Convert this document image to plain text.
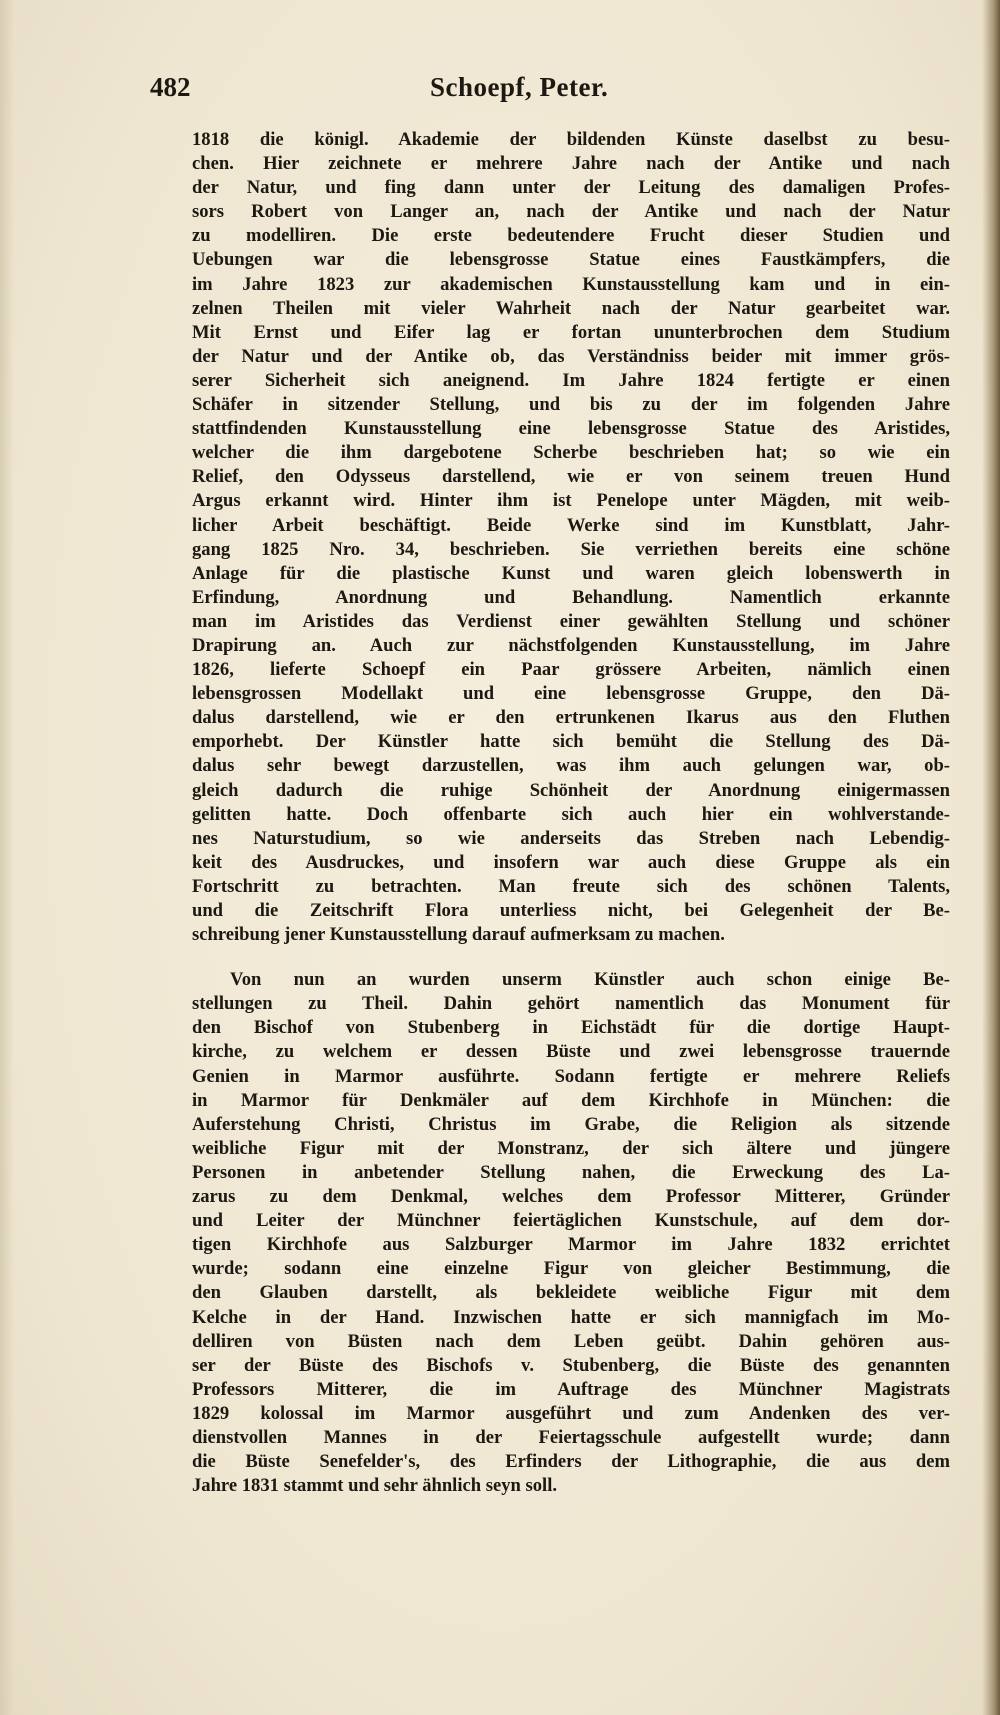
482	Schoepf, Peter.
1818 die königl. Akademie der bildenden Künste daselbst zu besu-
chen. Hier zeichnete er mehrere Jahre nach der Antike und nach
der Natur, und fing dann unter der Leitung des damaligen Profes-
sors Robert von Langer an, nach der Antike und nach der Natur
zu modelliren. Die erste bedeutendere Frucht dieser Studien und
Uebungen war die lebensgrosse Statue eines Faustkämpfers, die
im Jahre 1823 zur akademischen Kunstausstellung kam und in ein-
zelnen Theilen mit vieler Wahrheit nach der Natur gearbeitet war.
Mit Ernst und Eifer lag er fortan ununterbrochen dem Studium
der Natur und der Antike ob, das Verständniss beider mit immer grös-
serer Sicherheit sich aneignend. Im Jahre 1824 fertigte er einen
Schäfer in sitzender Stellung, und bis zu der im folgenden Jahre
stattfindenden Kunstausstellung eine lebensgrosse Statue des Aristides,
welcher die ihm dargebotene Scherbe beschrieben hat; so wie ein
Relief, den Odysseus darstellend, wie er von seinem treuen Hund
Argus erkannt wird. Hinter ihm ist Penelope unter Mägden, mit weib-
licher Arbeit beschäftigt. Beide Werke sind im Kunstblatt, Jahr-
gang 1825 Nro. 34, beschrieben. Sie verriethen bereits eine schöne
Anlage für die plastische Kunst und waren gleich lobenswerth in
Erfindung, Anordnung und Behandlung. Namentlich erkannte
man im Aristides das Verdienst einer gewählten Stellung und schöner
Drapirung an. Auch zur nächstfolgenden Kunstausstellung, im Jahre
1826, lieferte Schoepf ein Paar grössere Arbeiten, nämlich einen
lebensgrossen Modellakt und eine lebensgrosse Gruppe, den Dä-
dalus darstellend, wie er den ertrunkenen Ikarus aus den Fluthen
emporhebt. Der Künstler hatte sich bemüht die Stellung des Dä-
dalus sehr bewegt darzustellen, was ihm auch gelungen war, ob-
gleich dadurch die ruhige Schönheit der Anordnung einigermassen
gelitten hatte. Doch offenbarte sich auch hier ein wohlverstande-
nes Naturstudium, so wie anderseits das Streben nach Lebendig-
keit des Ausdruckes, und insofern war auch diese Gruppe als ein
Fortschritt zu betrachten. Man freute sich des schönen Talents,
und die Zeitschrift Flora unterliess nicht, bei Gelegenheit der Be-
schreibung jener Kunstausstellung darauf aufmerksam zu machen.
Von nun an wurden unserm Künstler auch schon einige Be-
stellungen zu Theil. Dahin gehört namentlich das Monument für
den Bischof von Stubenberg in Eichstädt für die dortige Haupt-
kirche, zu welchem er dessen Büste und zwei lebensgrosse trauernde
Genien in Marmor ausführte. Sodann fertigte er mehrere Reliefs
in Marmor für Denkmäler auf dem Kirchhofe in München: die
Auferstehung Christi, Christus im Grabe, die Religion als sitzende
weibliche Figur mit der Monstranz, der sich ältere und jüngere
Personen in anbetender Stellung nahen, die Erweckung des La-
zarus zu dem Denkmal, welches dem Professor Mitterer, Gründer
und Leiter der Münchner feiertäglichen Kunstschule, auf dem dor-
tigen Kirchhofe aus Salzburger Marmor im Jahre 1832 errichtet
wurde; sodann eine einzelne Figur von gleicher Bestimmung, die
den Glauben darstellt, als bekleidete weibliche Figur mit dem
Kelche in der Hand. Inzwischen hatte er sich mannigfach im Mo-
delliren von Büsten nach dem Leben geübt. Dahin gehören aus-
ser der Büste des Bischofs v. Stubenberg, die Büste des genannten
Professors Mitterer, die im Auftrage des Münchner Magistrats
1829 kolossal im Marmor ausgeführt und zum Andenken des ver-
dienstvollen Mannes in der Feiertagsschule aufgestellt wurde; dann
die Büste Senefelder's, des Erfinders der Lithographie, die aus dem
Jahre 1831 stammt und sehr ähnlich seyn soll.
